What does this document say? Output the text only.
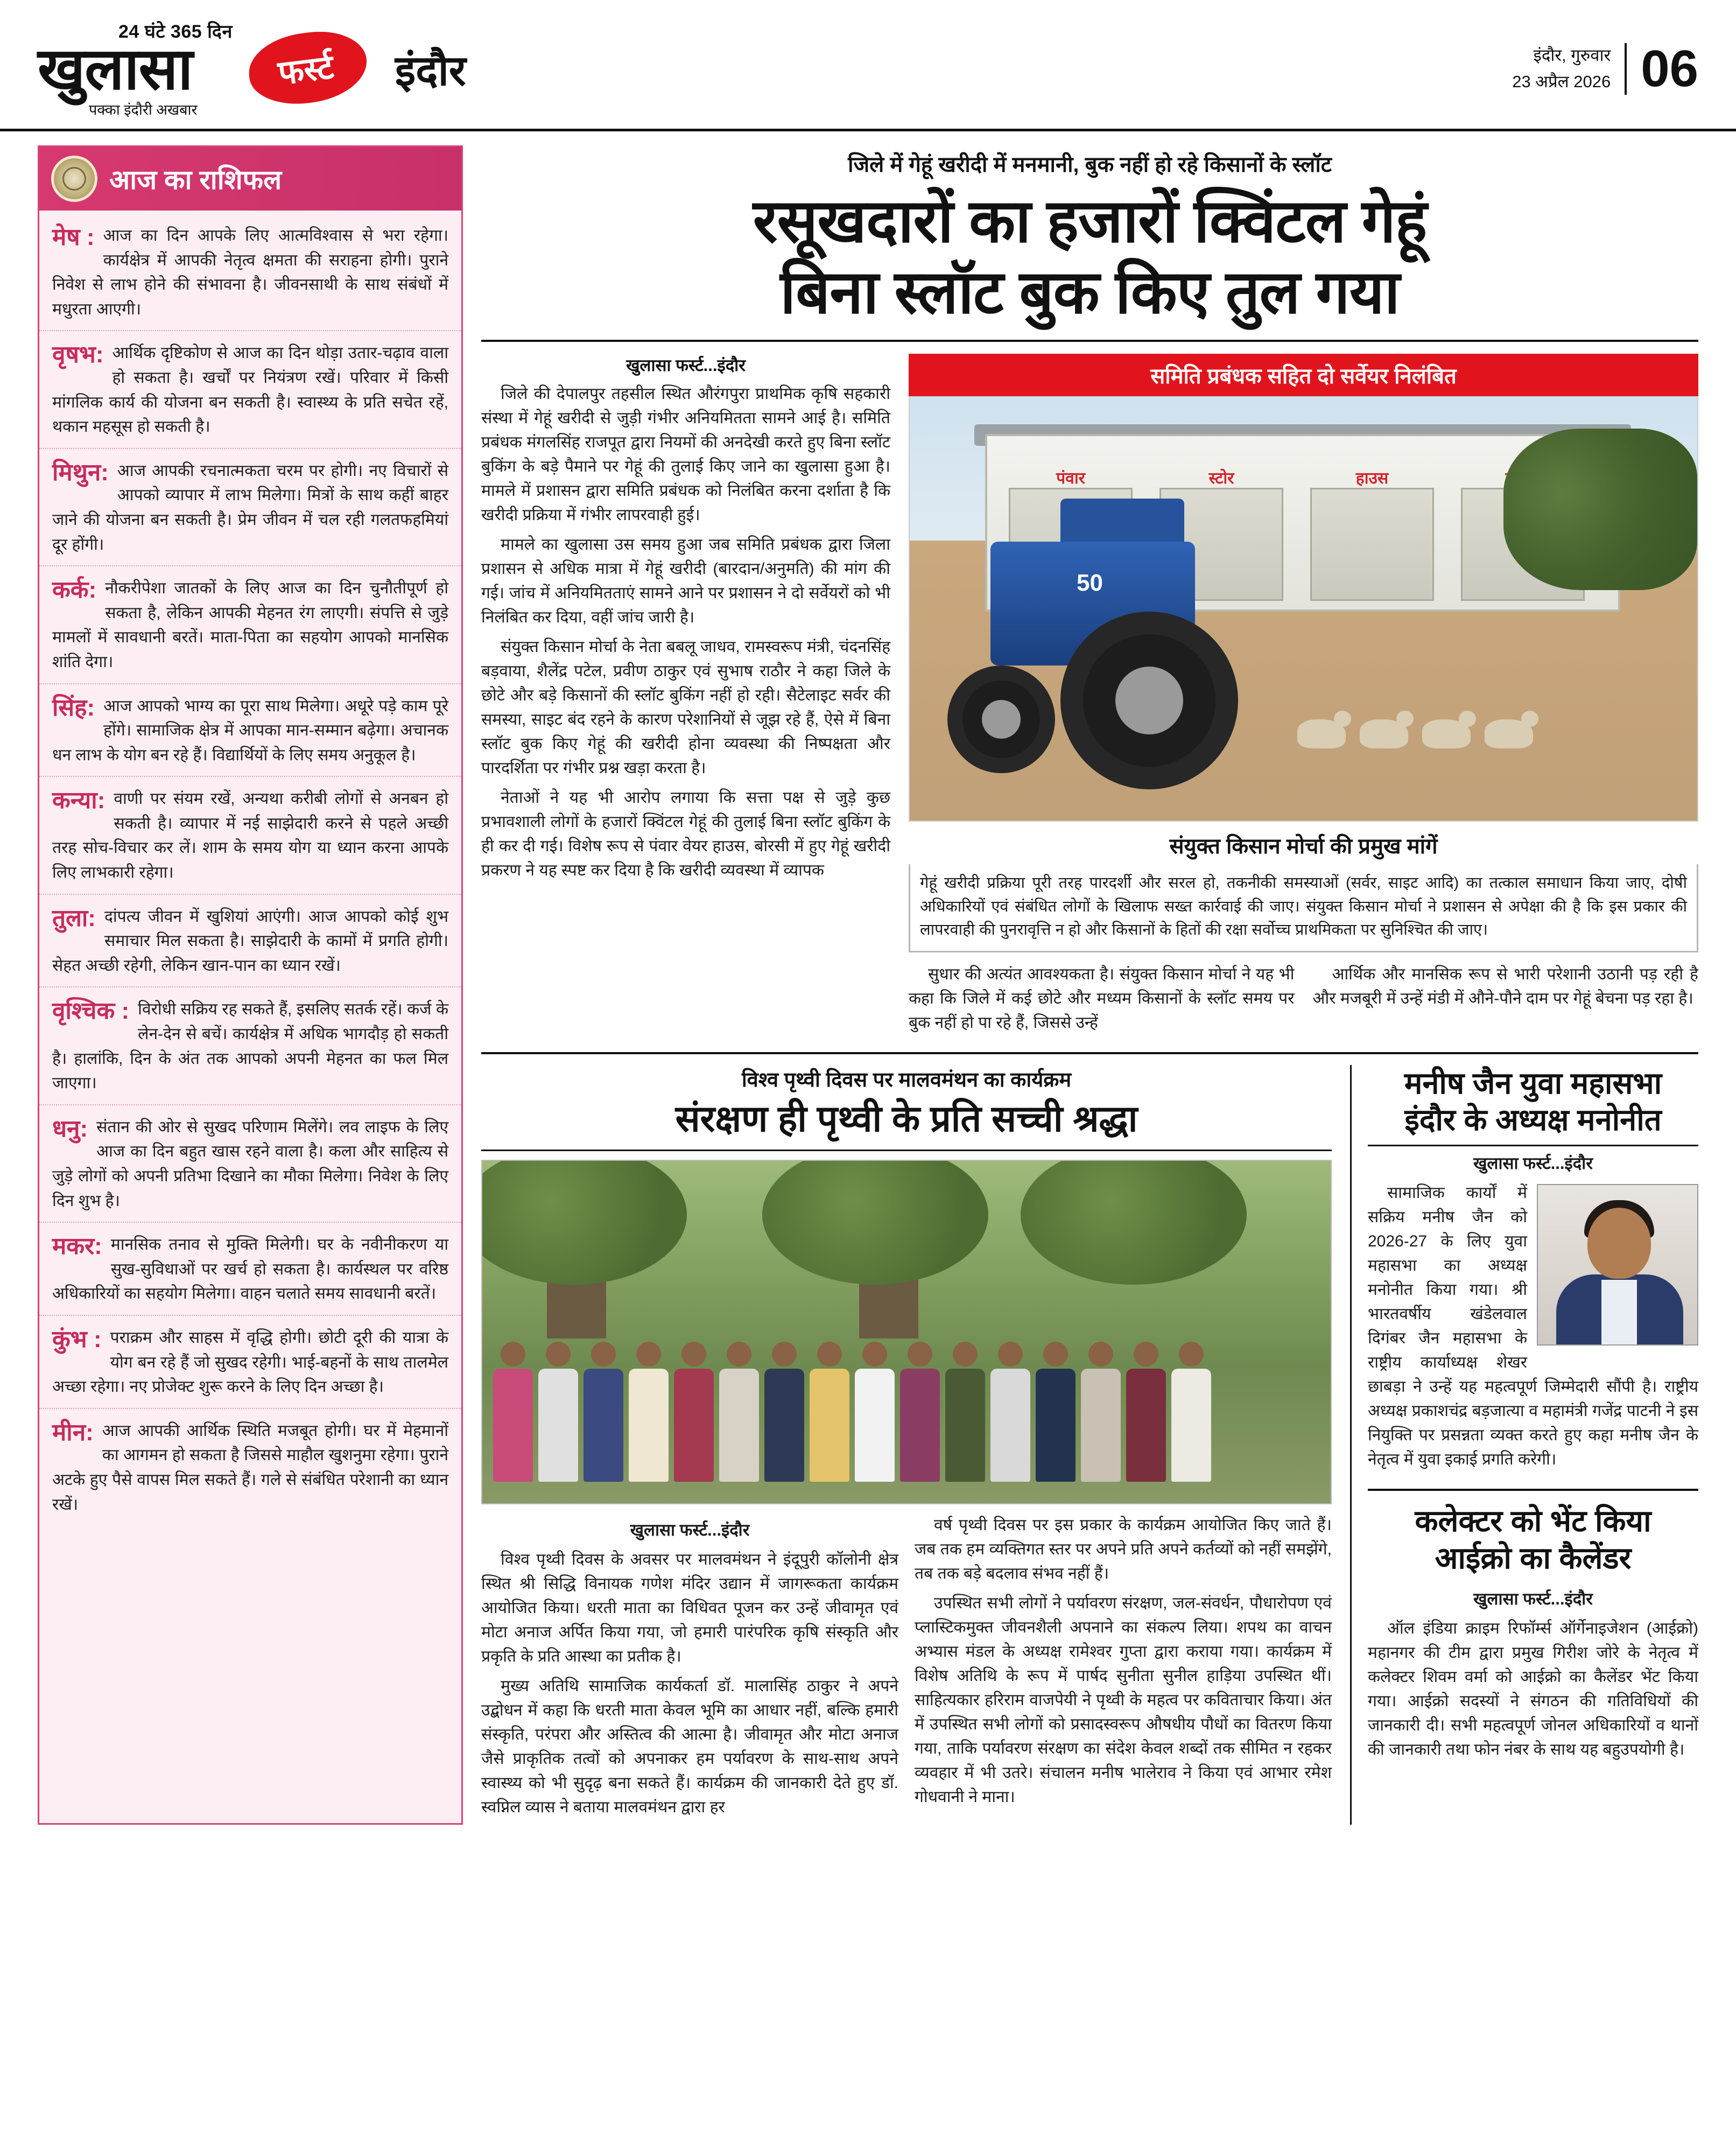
24 घंटे 365 दिन
खुलासा
पक्का इंदौरी अखबार
फर्स्ट	इंदौर	इंदौर, गुरुवार
23 अप्रैल 2026 06
आज का राशिफल
मेष : आज का दिन आपके लिए आत्मविश्वास से भरा रहेगा। कार्यक्षेत्र में आपकी नेतृत्व क्षमता की सराहना होगी। पुराने निवेश से लाभ होने की संभावना है। जीवनसाथी के साथ संबंधों में मधुरता आएगी।
वृषभ: आर्थिक दृष्टिकोण से आज का दिन थोड़ा उतार-चढ़ाव वाला हो सकता है। खर्चों पर नियंत्रण रखें। परिवार में किसी मांगलिक कार्य की योजना बन सकती है। स्वास्थ्य के प्रति सचेत रहें, थकान महसूस हो सकती है।
मिथुन: आज आपकी रचनात्मकता चरम पर होगी। नए विचारों से आपको व्यापार में लाभ मिलेगा। मित्रों के साथ कहीं बाहर जाने की योजना बन सकती है। प्रेम जीवन में चल रही गलतफहमियां दूर होंगी।
कर्क: नौकरीपेशा जातकों के लिए आज का दिन चुनौतीपूर्ण हो सकता है, लेकिन आपकी मेहनत रंग लाएगी। संपत्ति से जुड़े मामलों में सावधानी बरतें। माता-पिता का सहयोग आपको मानसिक शांति देगा।
सिंह: आज आपको भाग्य का पूरा साथ मिलेगा। अधूरे पड़े काम पूरे होंगे। सामाजिक क्षेत्र में आपका मान-सम्मान बढ़ेगा। अचानक धन लाभ के योग बन रहे हैं। विद्यार्थियों के लिए समय अनुकूल है।
कन्या: वाणी पर संयम रखें, अन्यथा करीबी लोगों से अनबन हो सकती है। व्यापार में नई साझेदारी करने से पहले अच्छी तरह सोच-विचार कर लें। शाम के समय योग या ध्यान करना आपके लिए लाभकारी रहेगा।
तुला: दांपत्य जीवन में खुशियां आएंगी। आज आपको कोई शुभ समाचार मिल सकता है। साझेदारी के कामों में प्रगति होगी। सेहत अच्छी रहेगी, लेकिन खान-पान का ध्यान रखें।
वृश्चिक : विरोधी सक्रिय रह सकते हैं, इसलिए सतर्क रहें। कर्ज के लेन-देन से बचें। कार्यक्षेत्र में अधिक भागदौड़ हो सकती है। हालांकि, दिन के अंत तक आपको अपनी मेहनत का फल मिल जाएगा।
धनु: संतान की ओर से सुखद परिणाम मिलेंगे। लव लाइफ के लिए आज का दिन बहुत खास रहने वाला है। कला और साहित्य से जुड़े लोगों को अपनी प्रतिभा दिखाने का मौका मिलेगा। निवेश के लिए दिन शुभ है।
मकर: मानसिक तनाव से मुक्ति मिलेगी। घर के नवीनीकरण या सुख-सुविधाओं पर खर्च हो सकता है। कार्यस्थल पर वरिष्ठ अधिकारियों का सहयोग मिलेगा। वाहन चलाते समय सावधानी बरतें।
कुंभ : पराक्रम और साहस में वृद्धि होगी। छोटी दूरी की यात्रा के योग बन रहे हैं जो सुखद रहेगी। भाई-बहनों के साथ तालमेल अच्छा रहेगा। नए प्रोजेक्ट शुरू करने के लिए दिन अच्छा है।
मीन: आज आपकी आर्थिक स्थिति मजबूत होगी। घर में मेहमानों का आगमन हो सकता है जिससे माहौल खुशनुमा रहेगा। पुराने अटके हुए पैसे वापस मिल सकते हैं। गले से संबंधित परेशानी का ध्यान रखें।
जिले में गेहूं खरीदी में मनमानी, बुक नहीं हो रहे किसानों के स्लॉट
रसूखदारों का हजारों क्विंटल गेहूं
बिना स्लॉट बुक किए तुल गया
खुलासा फर्स्ट...इंदौर

जिले की देपालपुर तहसील स्थित औरंगपुरा प्राथमिक कृषि सहकारी संस्था में गेहूं खरीदी से जुड़ी गंभीर अनियमितता सामने आई है। समिति प्रबंधक मंगलसिंह राजपूत द्वारा नियमों की अनदेखी करते हुए बिना स्लॉट बुकिंग के बड़े पैमाने पर गेहूं की तुलाई किए जाने का खुलासा हुआ है। मामले में प्रशासन द्वारा समिति प्रबंधक को निलंबित करना दर्शाता है कि खरीदी प्रक्रिया में गंभीर लापरवाही हुई।

मामले का खुलासा उस समय हुआ जब समिति प्रबंधक द्वारा जिला प्रशासन से अधिक मात्रा में गेहूं खरीदी (बारदान/अनुमति) की मांग की गई। जांच में अनियमितताएं सामने आने पर प्रशासन ने दो सर्वेयरों को भी निलंबित कर दिया, वहीं जांच जारी है।

संयुक्त किसान मोर्चा के नेता बबलू जाधव, रामस्वरूप मंत्री, चंदनसिंह बड़वाया, शैलेंद्र पटेल, प्रवीण ठाकुर एवं सुभाष राठौर ने कहा जिले के छोटे और बड़े किसानों की स्लॉट बुकिंग नहीं हो रही। सैटेलाइट सर्वर की समस्या, साइट बंद रहने के कारण परेशानियों से जूझ रहे हैं, ऐसे में बिना स्लॉट बुक किए गेहूं की खरीदी होना व्यवस्था की निष्पक्षता और पारदर्शिता पर गंभीर प्रश्न खड़ा करता है।

नेताओं ने यह भी आरोप लगाया कि सत्ता पक्ष से जुड़े कुछ प्रभावशाली लोगों के हजारों क्विंटल गेहूं की तुलाई बिना स्लॉट बुकिंग के ही कर दी गई। विशेष रूप से पंवार वेयर हाउस, बोरसी में हुए गेहूं खरीदी प्रकरण ने यह स्पष्ट कर दिया है कि खरीदी व्यवस्था में व्यापक

समिति प्रबंधक सहित दो सर्वेयर निलंबित
पंवार	स्टोर	हाउस
50
संयुक्त किसान मोर्चा की प्रमुख मांगें

गेहूं खरीदी प्रक्रिया पूरी तरह पारदर्शी और सरल हो, तकनीकी समस्याओं (सर्वर, साइट आदि) का तत्काल समाधान किया जाए, दोषी अधिकारियों एवं संबंधित लोगों के खिलाफ सख्त कार्रवाई की जाए। संयुक्त किसान मोर्चा ने प्रशासन से अपेक्षा की है कि इस प्रकार की लापरवाही की पुनरावृत्ति न हो और किसानों के हितों की रक्षा सर्वोच्च प्राथमिकता पर सुनिश्चित की जाए।

सुधार की अत्यंत आवश्यकता है। संयुक्त किसान मोर्चा ने यह भी कहा कि जिले में कई छोटे और मध्यम किसानों के स्लॉट समय पर बुक नहीं हो पा रहे हैं, जिससे उन्हें

आर्थिक और मानसिक रूप से भारी परेशानी उठानी पड़ रही है और मजबूरी में उन्हें मंडी में औने-पौने दाम पर गेहूं बेचना पड़ रहा है।

विश्व पृथ्वी दिवस पर मालवमंथन का कार्यक्रम
संरक्षण ही पृथ्वी के प्रति सच्ची श्रद्धा
खुलासा फर्स्ट...इंदौर

विश्व पृथ्वी दिवस के अवसर पर मालवमंथन ने इंदूपुरी कॉलोनी क्षेत्र स्थित श्री सिद्धि विनायक गणेश मंदिर उद्यान में जागरूकता कार्यक्रम आयोजित किया। धरती माता का विधिवत पूजन कर उन्हें जीवामृत एवं मोटा अनाज अर्पित किया गया, जो हमारी पारंपरिक कृषि संस्कृति और प्रकृति के प्रति आस्था का प्रतीक है।

मुख्य अतिथि सामाजिक कार्यकर्ता डॉ. मालासिंह ठाकुर ने अपने उद्बोधन में कहा कि धरती माता केवल भूमि का आधार नहीं, बल्कि हमारी संस्कृति, परंपरा और अस्तित्व की आत्मा है। जीवामृत और मोटा अनाज जैसे प्राकृतिक तत्वों को अपनाकर हम पर्यावरण के साथ-साथ अपने स्वास्थ्य को भी सुदृढ़ बना सकते हैं। कार्यक्रम की जानकारी देते हुए डॉ. स्वप्निल व्यास ने बताया मालवमंथन द्वारा हर

वर्ष पृथ्वी दिवस पर इस प्रकार के कार्यक्रम आयोजित किए जाते हैं। जब तक हम व्यक्तिगत स्तर पर अपने प्रति अपने कर्तव्यों को नहीं समझेंगे, तब तक बड़े बदलाव संभव नहीं हैं।

उपस्थित सभी लोगों ने पर्यावरण संरक्षण, जल-संवर्धन, पौधारोपण एवं प्लास्टिकमुक्त जीवनशैली अपनाने का संकल्प लिया। शपथ का वाचन अभ्यास मंडल के अध्यक्ष रामेश्वर गुप्ता द्वारा कराया गया। कार्यक्रम में विशेष अतिथि के रूप में पार्षद सुनीता सुनील हाड़िया उपस्थित थीं। साहित्यकार हरिराम वाजपेयी ने पृथ्वी के महत्व पर कविताचार किया। अंत में उपस्थित सभी लोगों को प्रसादस्वरूप औषधीय पौधों का वितरण किया गया, ताकि पर्यावरण संरक्षण का संदेश केवल शब्दों तक सीमित न रहकर व्यवहार में भी उतरे। संचालन मनीष भालेराव ने किया एवं आभार रमेश गोधवानी ने माना।

मनीष जैन युवा महासभा
इंदौर के अध्यक्ष मनोनीत
खुलासा फर्स्ट...इंदौर

सामाजिक कार्यों में सक्रिय मनीष जैन को 2026-27 के लिए युवा महासभा का अध्यक्ष मनोनीत किया गया। श्री भारतवर्षीय खंडेलवाल दिगंबर जैन महासभा के राष्ट्रीय कार्याध्यक्ष शेखर छाबड़ा ने उन्हें यह महत्वपूर्ण जिम्मेदारी सौंपी है। राष्ट्रीय अध्यक्ष प्रकाशचंद्र बड़जात्या व महामंत्री गजेंद्र पाटनी ने इस नियुक्ति पर प्रसन्नता व्यक्त करते हुए कहा मनीष जैन के नेतृत्व में युवा इकाई प्रगति करेगी।

कलेक्टर को भेंट किया
आईक्रो का कैलेंडर
खुलासा फर्स्ट...इंदौर

ऑल इंडिया क्राइम रिफॉर्म्स ऑर्गेनाइजेशन (आईक्रो) महानगर की टीम द्वारा प्रमुख गिरीश जोरे के नेतृत्व में कलेक्टर शिवम वर्मा को आईक्रो का कैलेंडर भेंट किया गया। आईक्रो सदस्यों ने संगठन की गतिविधियों की जानकारी दी। सभी महत्वपूर्ण जोनल अधिकारियों व थानों की जानकारी तथा फोन नंबर के साथ यह बहुउपयोगी है।
